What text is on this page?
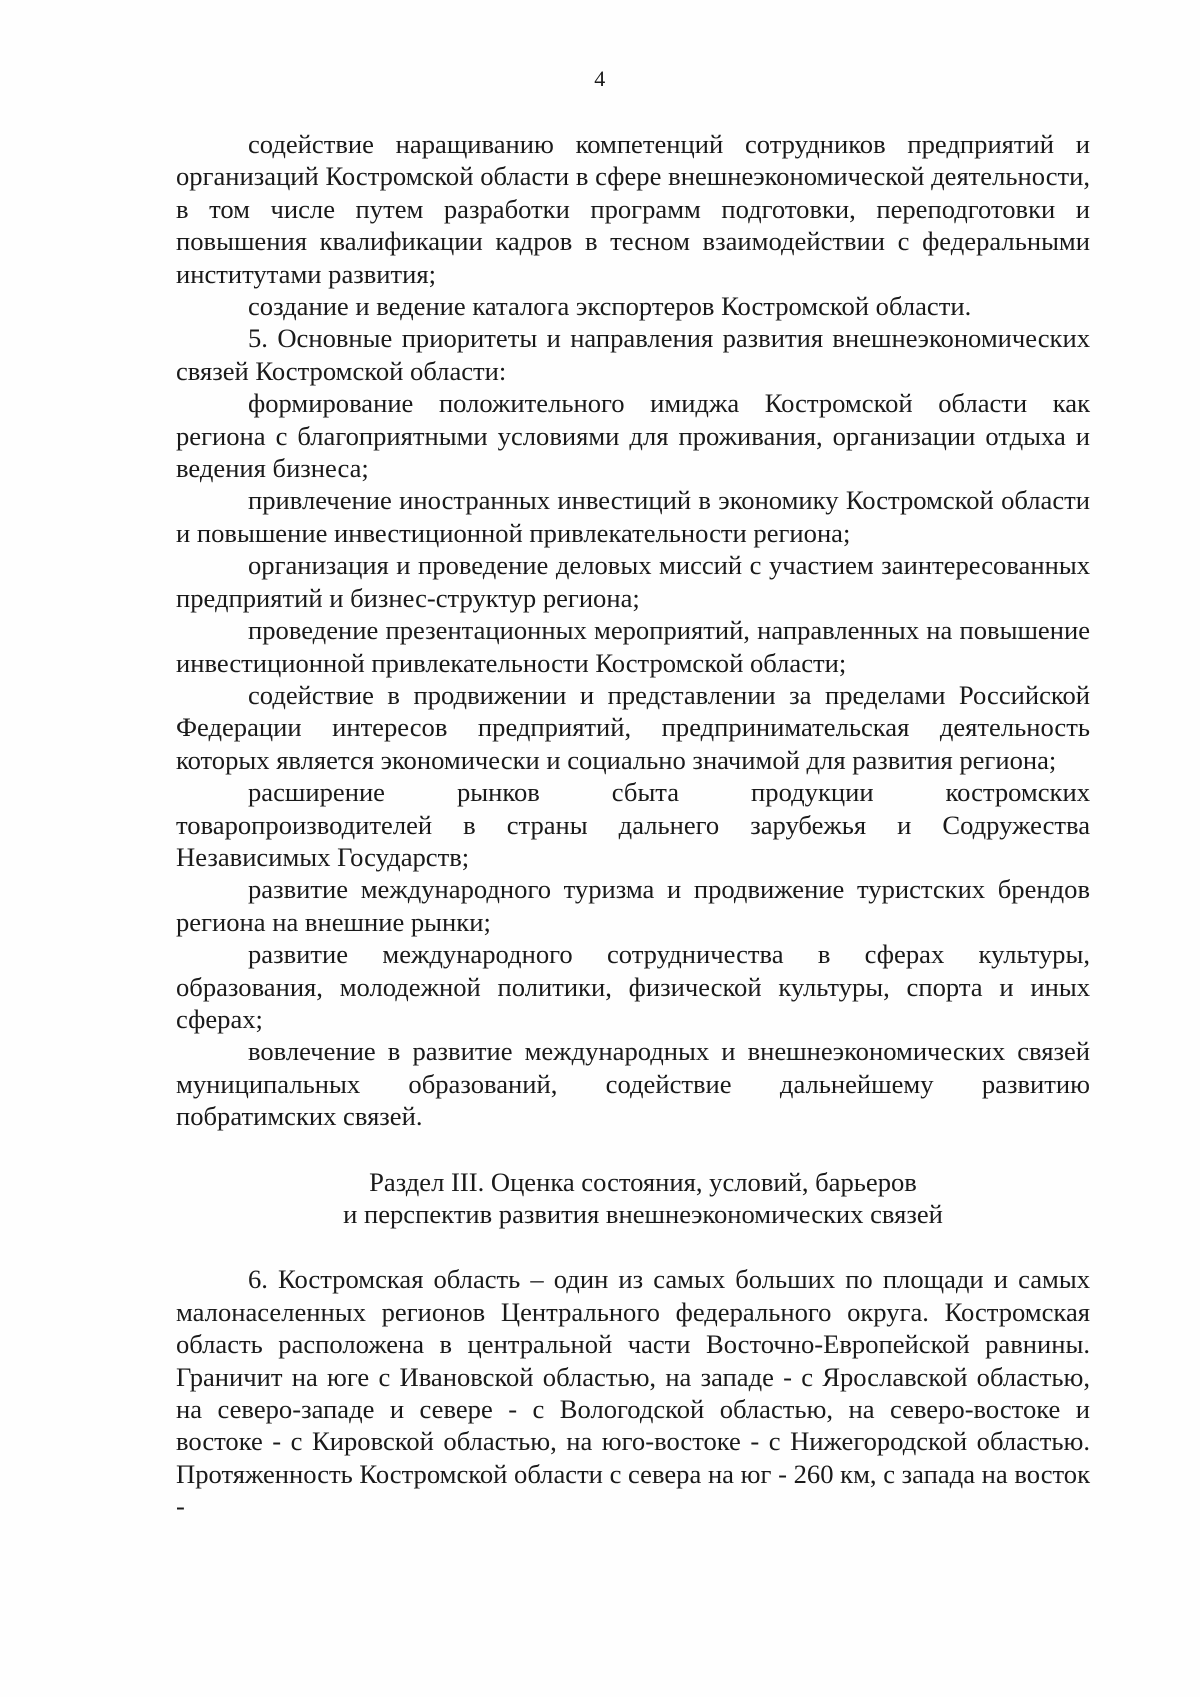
4

содействие наращиванию компетенций сотрудников предприятий и организаций Костромской области в сфере внешнеэкономической деятельности, в том числе путем разработки программ подготовки, переподготовки и повышения квалификации кадров в тесном взаимодействии с федеральными институтами развития;

создание и ведение каталога экспортеров Костромской области.

5. Основные приоритеты и направления развития внешнеэкономических связей Костромской области:

формирование положительного имиджа Костромской области как региона с благоприятными условиями для проживания, организации отдыха и ведения бизнеса;

привлечение иностранных инвестиций в экономику Костромской области и повышение инвестиционной привлекательности региона;

организация и проведение деловых миссий с участием заинтересованных предприятий и бизнес-структур региона;

проведение презентационных мероприятий, направленных на повышение инвестиционной привлекательности Костромской области;

содействие в продвижении и представлении за пределами Российской Федерации интересов предприятий, предпринимательская деятельность которых является экономически и социально значимой для развития региона;

расширение рынков сбыта продукции костромских товаропроизводителей в страны дальнего зарубежья и Содружества Независимых Государств;

развитие международного туризма и продвижение туристских брендов региона на внешние рынки;

развитие международного сотрудничества в сферах культуры, образования, молодежной политики, физической культуры, спорта и иных сферах;

вовлечение в развитие международных и внешнеэкономических связей муниципальных образований, содействие дальнейшему развитию побратимских связей.

Раздел III. Оценка состояния, условий, барьеров

и перспектив развития внешнеэкономических связей

6. Костромская область – один из самых больших по площади и самых малонаселенных регионов Центрального федерального округа. Костромская область расположена в центральной части Восточно-Европейской равнины. Граничит на юге с Ивановской областью, на западе - с Ярославской областью, на северо-западе и севере - с Вологодской областью, на северо-востоке и востоке - с Кировской областью, на юго-востоке - с Нижегородской областью. Протяженность Костромской области с севера на юг - 260 км, с запада на восток -
